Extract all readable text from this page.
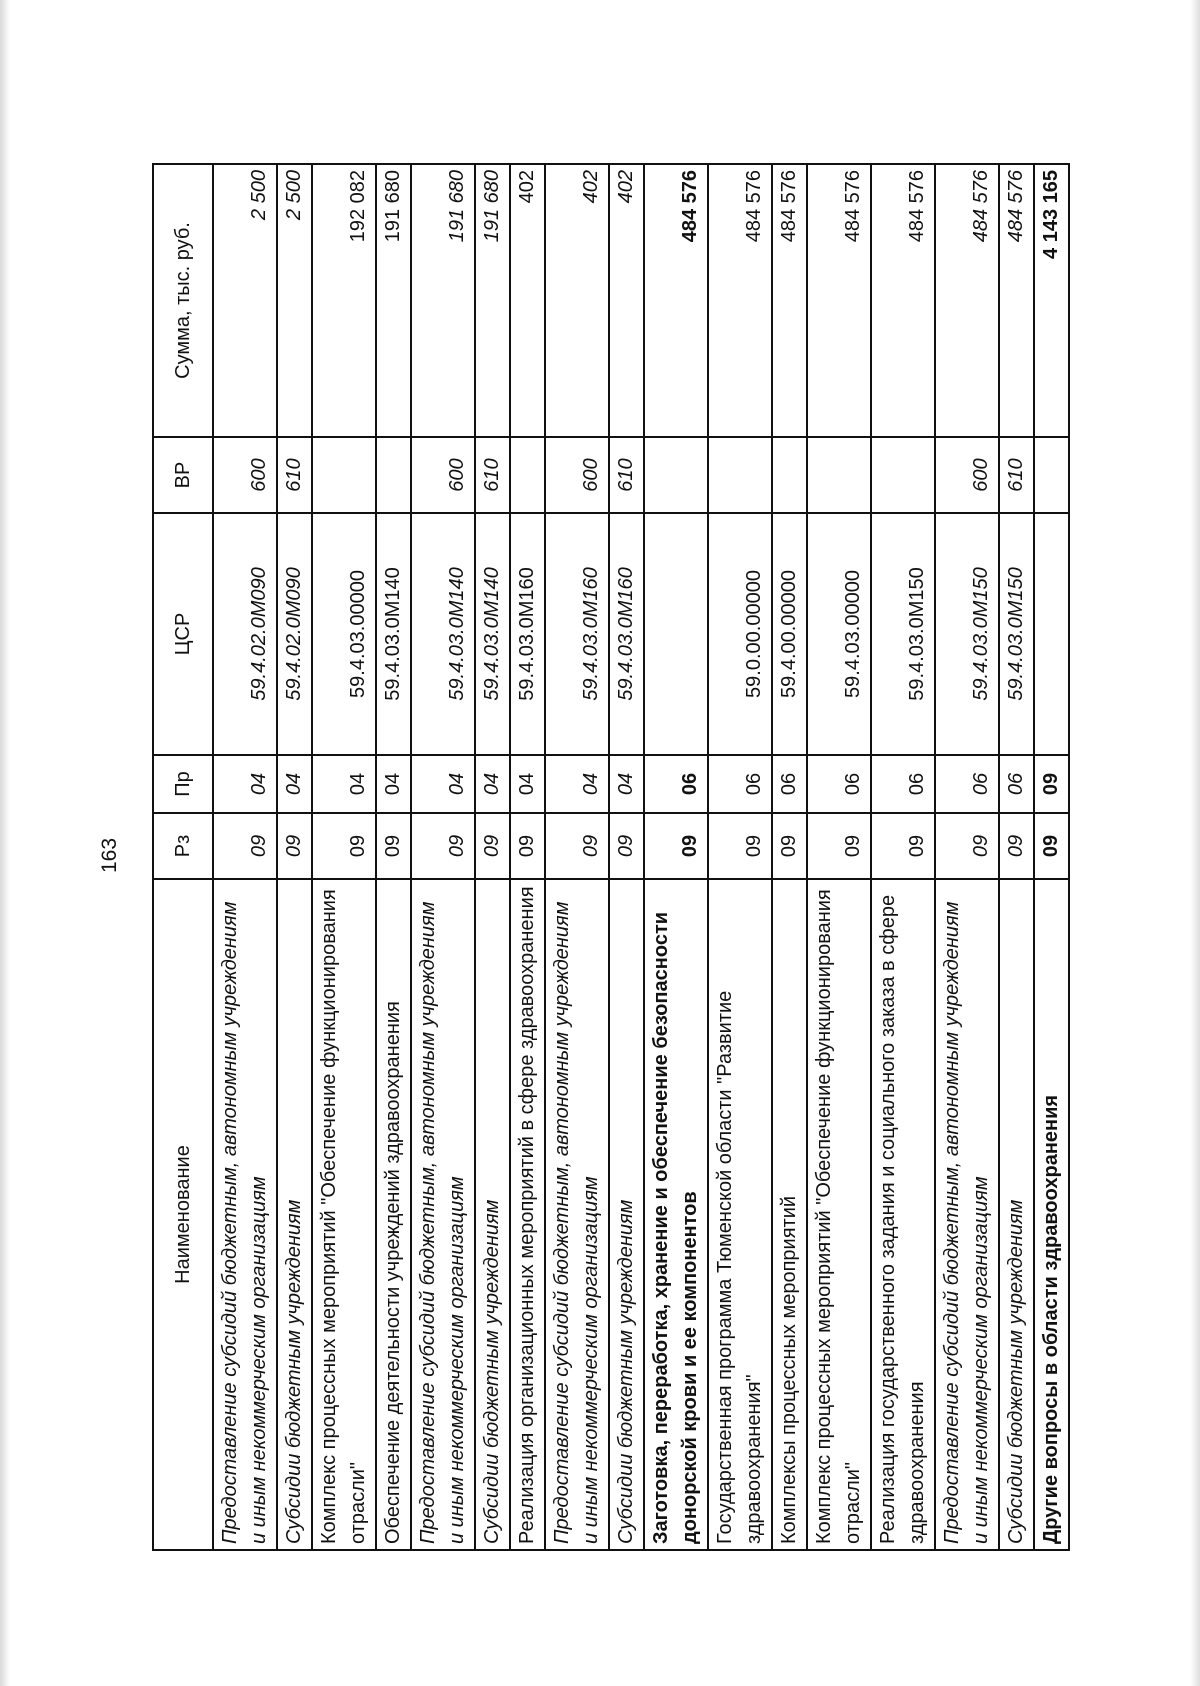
163
Наименование	Рз	Пр	ЦСР	ВР	Сумма, тыс. руб.
Предоставление субсидий бюджетным, автономным учреждениям и иным некоммерческим организациям	09	04	59.4.02.0М090	600	2 500
Субсидии бюджетным учреждениям	09	04	59.4.02.0М090	610	2 500
Комплекс процессных мероприятий "Обеспечение функционирования отрасли"	09	04	59.4.03.00000		192 082
Обеспечение деятельности учреждений здравоохранения	09	04	59.4.03.0М140		191 680
Предоставление субсидий бюджетным, автономным учреждениям и иным некоммерческим организациям	09	04	59.4.03.0М140	600	191 680
Субсидии бюджетным учреждениям	09	04	59.4.03.0М140	610	191 680
Реализация организационных мероприятий в сфере здравоохранения	09	04	59.4.03.0М160		402
Предоставление субсидий бюджетным, автономным учреждениям и иным некоммерческим организациям	09	04	59.4.03.0М160	600	402
Субсидии бюджетным учреждениям	09	04	59.4.03.0М160	610	402
Заготовка, переработка, хранение и обеспечение безопасности донорской крови и ее компонентов	09	06			484 576
Государственная программа Тюменской области "Развитие здравоохранения"	09	06	59.0.00.00000		484 576
Комплексы процессных мероприятий	09	06	59.4.00.00000		484 576
Комплекс процессных мероприятий "Обеспечение функционирования отрасли"	09	06	59.4.03.00000		484 576
Реализация государственного задания и социального заказа в сфере здравоохранения	09	06	59.4.03.0М150		484 576
Предоставление субсидий бюджетным, автономным учреждениям и иным некоммерческим организациям	09	06	59.4.03.0М150	600	484 576
Субсидии бюджетным учреждениям	09	06	59.4.03.0М150	610	484 576
Другие вопросы в области здравоохранения	09	09			4 143 165
